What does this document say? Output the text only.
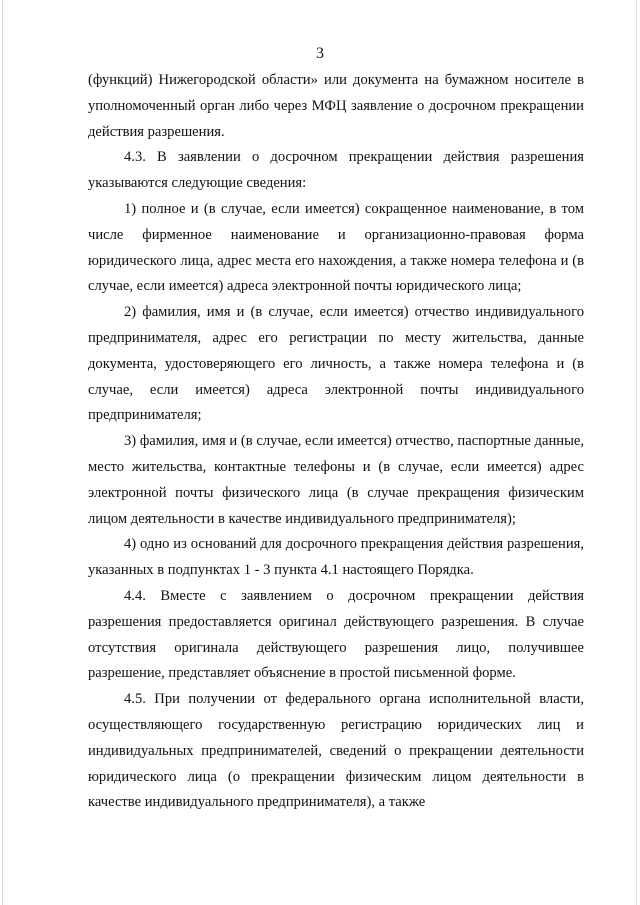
3

(функций) Нижегородской области» или документа на бумажном носителе в уполномоченный орган либо через МФЦ заявление о досрочном прекращении действия разрешения.

4.3. В заявлении о досрочном прекращении действия разрешения указываются следующие сведения:

1) полное и (в случае, если имеется) сокращенное наименование, в том числе фирменное наименование и организационно-правовая форма юридического лица, адрес места его нахождения, а также номера телефона и (в случае, если имеется) адреса электронной почты юридического лица;

2) фамилия, имя и (в случае, если имеется) отчество индивидуального предпринимателя, адрес его регистрации по месту жительства, данные документа, удостоверяющего его личность, а также номера телефона и (в случае, если имеется) адреса электронной почты индивидуального предпринимателя;

3) фамилия, имя и (в случае, если имеется) отчество, паспортные данные, место жительства, контактные телефоны и (в случае, если имеется) адрес электронной почты физического лица (в случае прекращения физическим лицом деятельности в качестве индивидуального предпринимателя);

4) одно из оснований для досрочного прекращения действия разрешения, указанных в подпунктах 1 - 3 пункта 4.1 настоящего Порядка.

4.4. Вместе с заявлением о досрочном прекращении действия разрешения предоставляется оригинал действующего разрешения. В случае отсутствия оригинала действующего разрешения лицо, получившее разрешение, представляет объяснение в простой письменной форме.

4.5. При получении от федерального органа исполнительной власти, осуществляющего государственную регистрацию юридических лиц и индивидуальных предпринимателей, сведений о прекращении деятельности юридического лица (о прекращении физическим лицом деятельности в качестве индивидуального предпринимателя), а также
